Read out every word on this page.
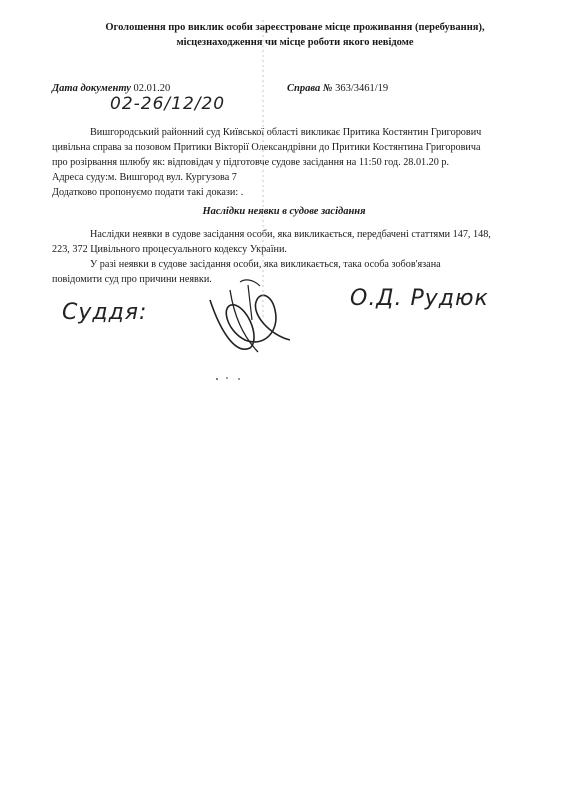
Оголошення про виклик особи зареєстроване місце проживання (перебування),
місцезнаходження чи місце роботи якого невідоме
Дата документу 02.01.20	Справа № 363/3461/19
02-26/12/20
Вишгородський районний суд Київської області викликає Притика Костянтин Григорович
цивільна справа за позовом Притики Вікторії Олександрівни до Притики Костянтина Григоровича
про розірвання шлюбу як: відповідач у підготовче судове засідання на 11:50 год. 28.01.20 р.
Адреса суду:м. Вишгород вул. Кургузова 7
Додатково пропонуємо подати такі докази: .
Наслідки неявки в судове засідання
Наслідки неявки в судове засідання особи, яка викликається, передбачені статтями 147, 148,
223, 372 Цивільного процесуального кодексу України.
У разі неявки в судове засідання особи, яка викликається, така особа зобов'язана
повідомити суд про причини неявки.
Суддя:
О.Д. Рудюк
